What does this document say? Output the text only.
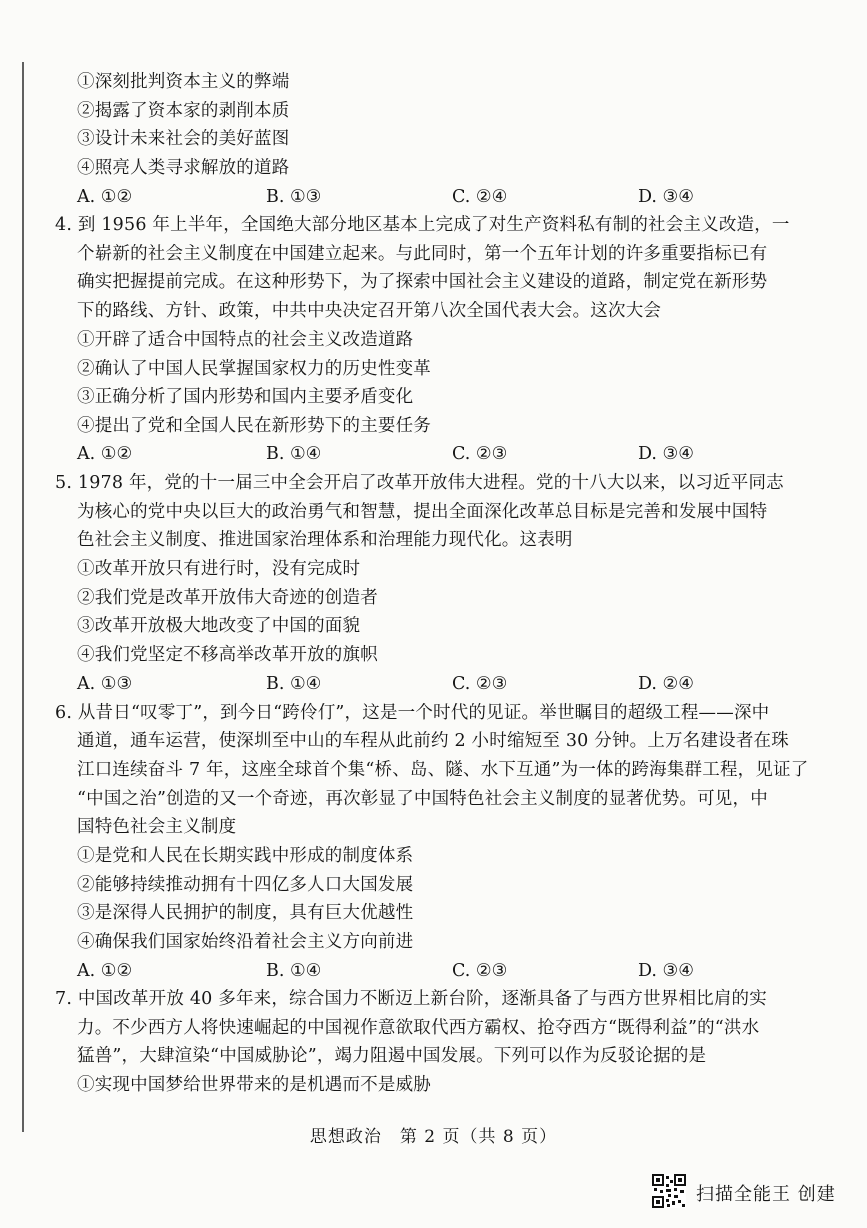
①深刻批判资本主义的弊端
②揭露了资本家的剥削本质
③设计未来社会的美好蓝图
④照亮人类寻求解放的道路
A. ①②	B. ①③	C. ②④	D. ③④
4. 到 1956 年上半年，全国绝大部分地区基本上完成了对生产资料私有制的社会主义改造，一
个崭新的社会主义制度在中国建立起来。与此同时，第一个五年计划的许多重要指标已有
确实把握提前完成。在这种形势下，为了探索中国社会主义建设的道路，制定党在新形势
下的路线、方针、政策，中共中央决定召开第八次全国代表大会。这次大会
①开辟了适合中国特点的社会主义改造道路
②确认了中国人民掌握国家权力的历史性变革
③正确分析了国内形势和国内主要矛盾变化
④提出了党和全国人民在新形势下的主要任务
A. ①②	B. ①④	C. ②③	D. ③④
5. 1978 年，党的十一届三中全会开启了改革开放伟大进程。党的十八大以来，以习近平同志
为核心的党中央以巨大的政治勇气和智慧，提出全面深化改革总目标是完善和发展中国特
色社会主义制度、推进国家治理体系和治理能力现代化。这表明
①改革开放只有进行时，没有完成时
②我们党是改革开放伟大奇迹的创造者
③改革开放极大地改变了中国的面貌
④我们党坚定不移高举改革开放的旗帜
A. ①③	B. ①④	C. ②③	D. ②④
6. 从昔日“叹零丁”，到今日“跨伶仃”，这是一个时代的见证。举世瞩目的超级工程——深中
通道，通车运营，使深圳至中山的车程从此前约 2 小时缩短至 30 分钟。上万名建设者在珠
江口连续奋斗 7 年，这座全球首个集“桥、岛、隧、水下互通”为一体的跨海集群工程，见证了
“中国之治”创造的又一个奇迹，再次彰显了中国特色社会主义制度的显著优势。可见，中
国特色社会主义制度
①是党和人民在长期实践中形成的制度体系
②能够持续推动拥有十四亿多人口大国发展
③是深得人民拥护的制度，具有巨大优越性
④确保我们国家始终沿着社会主义方向前进
A. ①②	B. ①④	C. ②③	D. ③④
7. 中国改革开放 40 多年来，综合国力不断迈上新台阶，逐渐具备了与西方世界相比肩的实
力。不少西方人将快速崛起的中国视作意欲取代西方霸权、抢夺西方“既得利益”的“洪水
猛兽”，大肆渲染“中国威胁论”，竭力阻遏中国发展。下列可以作为反驳论据的是
①实现中国梦给世界带来的是机遇而不是威胁
思想政治　第 2 页（共 8 页）
扫描全能王 创建
